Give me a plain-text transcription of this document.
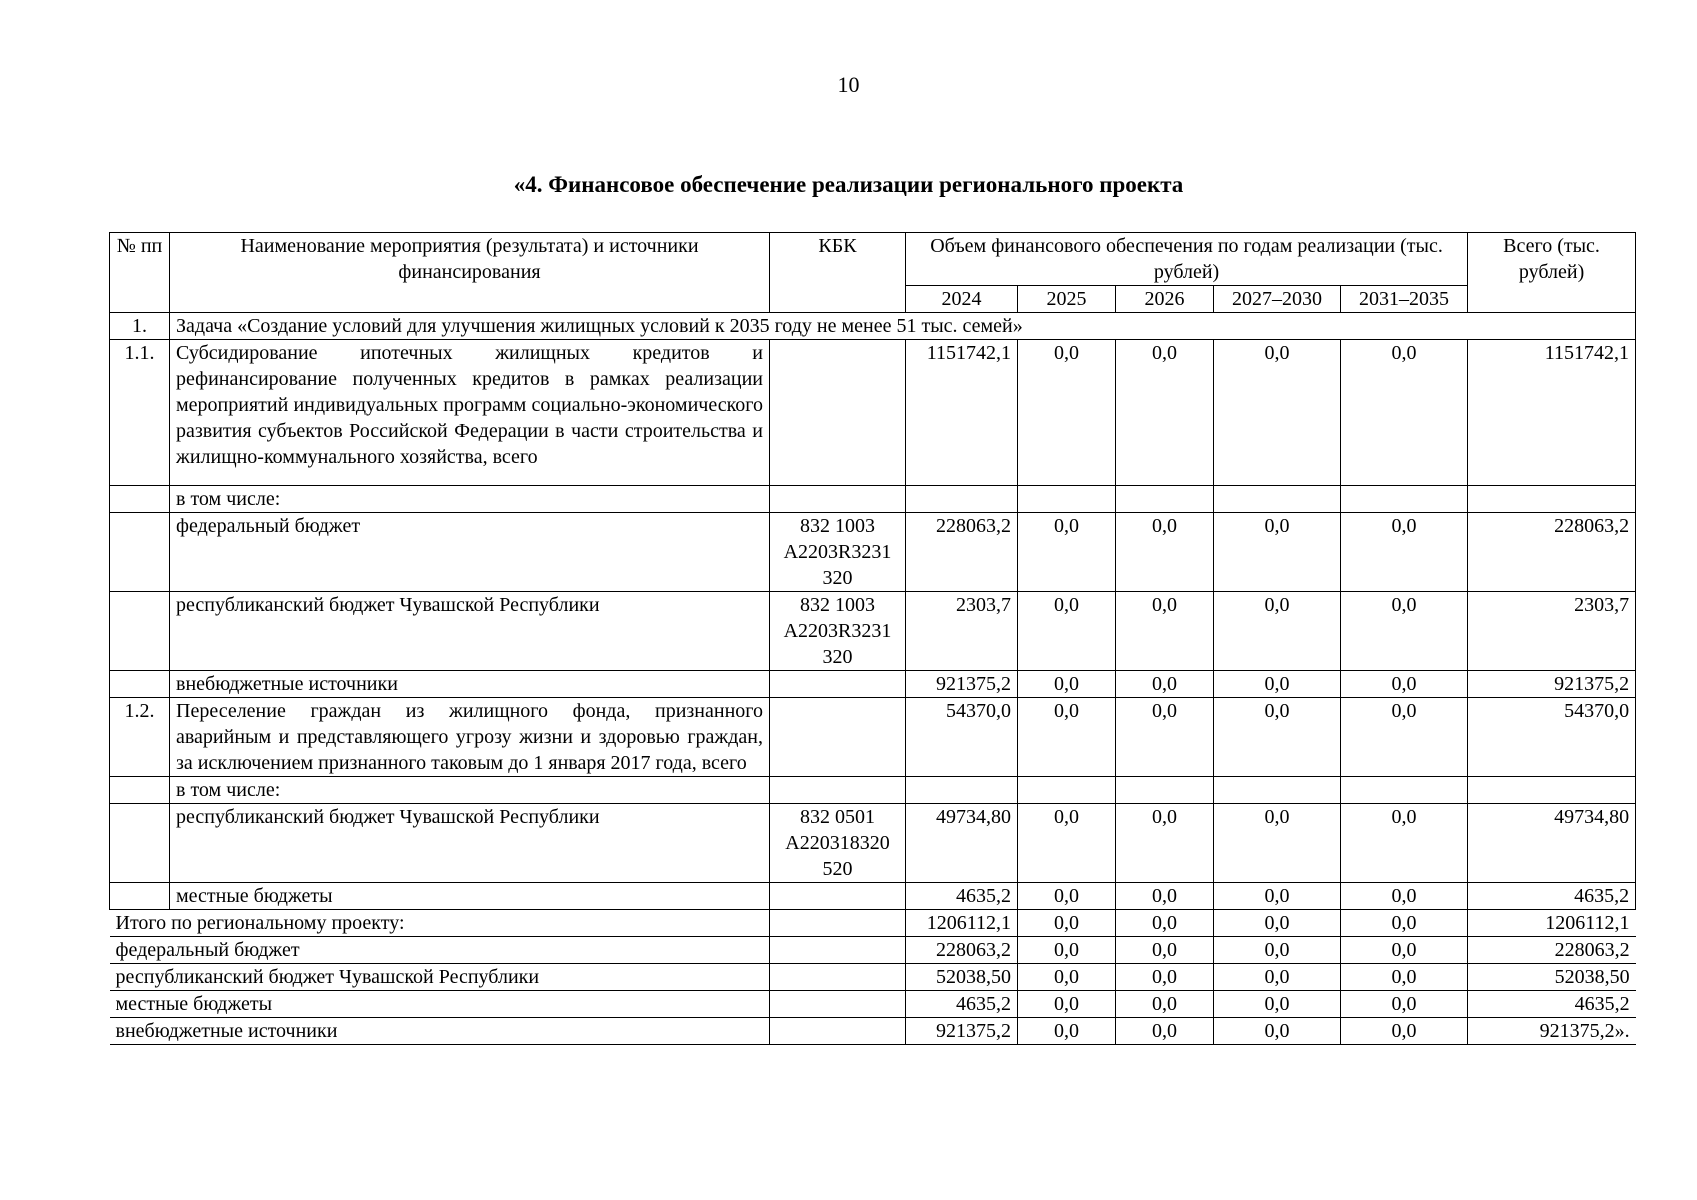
10
«4. Финансовое обеспечение реализации регионального проекта
№ пп	Наименование мероприятия (результата) и источники финансирования	КБК	Объем финансового обеспечения по годам реализации (тыс. рублей)					Всего (тыс. рублей)
			2024	2025	2026	2027–2030	2031–2035	
1.	Задача «Создание условий для улучшения жилищных условий к 2035 году не менее 51 тыс. семей»							
1.1.	Субсидирование ипотечных жилищных кредитов и рефинансирование полученных кредитов в рамках реализации мероприятий индивидуальных программ социально-экономического развития субъектов Российской Федерации в части строительства и жилищно-коммунального хозяйства, всего		1151742,1	0,0	0,0	0,0	0,0	1151742,1
	в том числе:							
	федеральный бюджет	832 1003 А2203R3231 320	228063,2	0,0	0,0	0,0	0,0	228063,2
	республиканский бюджет Чувашской Республики	832 1003 А2203R3231 320	2303,7	0,0	0,0	0,0	0,0	2303,7
	внебюджетные источники		921375,2	0,0	0,0	0,0	0,0	921375,2
1.2.	Переселение граждан из жилищного фонда, признанного аварийным и представляющего угрозу жизни и здоровью граждан, за исключением признанного таковым до 1 января 2017 года, всего		54370,0	0,0	0,0	0,0	0,0	54370,0
	в том числе:							
	республиканский бюджет Чувашской Республики	832 0501 А220318320 520	49734,80	0,0	0,0	0,0	0,0	49734,80
	местные бюджеты		4635,2	0,0	0,0	0,0	0,0	4635,2
Итого по региональному проекту:			1206112,1	0,0	0,0	0,0	0,0	1206112,1
федеральный бюджет			228063,2	0,0	0,0	0,0	0,0	228063,2
республиканский бюджет Чувашской Республики			52038,50	0,0	0,0	0,0	0,0	52038,50
местные бюджеты			4635,2	0,0	0,0	0,0	0,0	4635,2
внебюджетные источники			921375,2	0,0	0,0	0,0	0,0	921375,2».
